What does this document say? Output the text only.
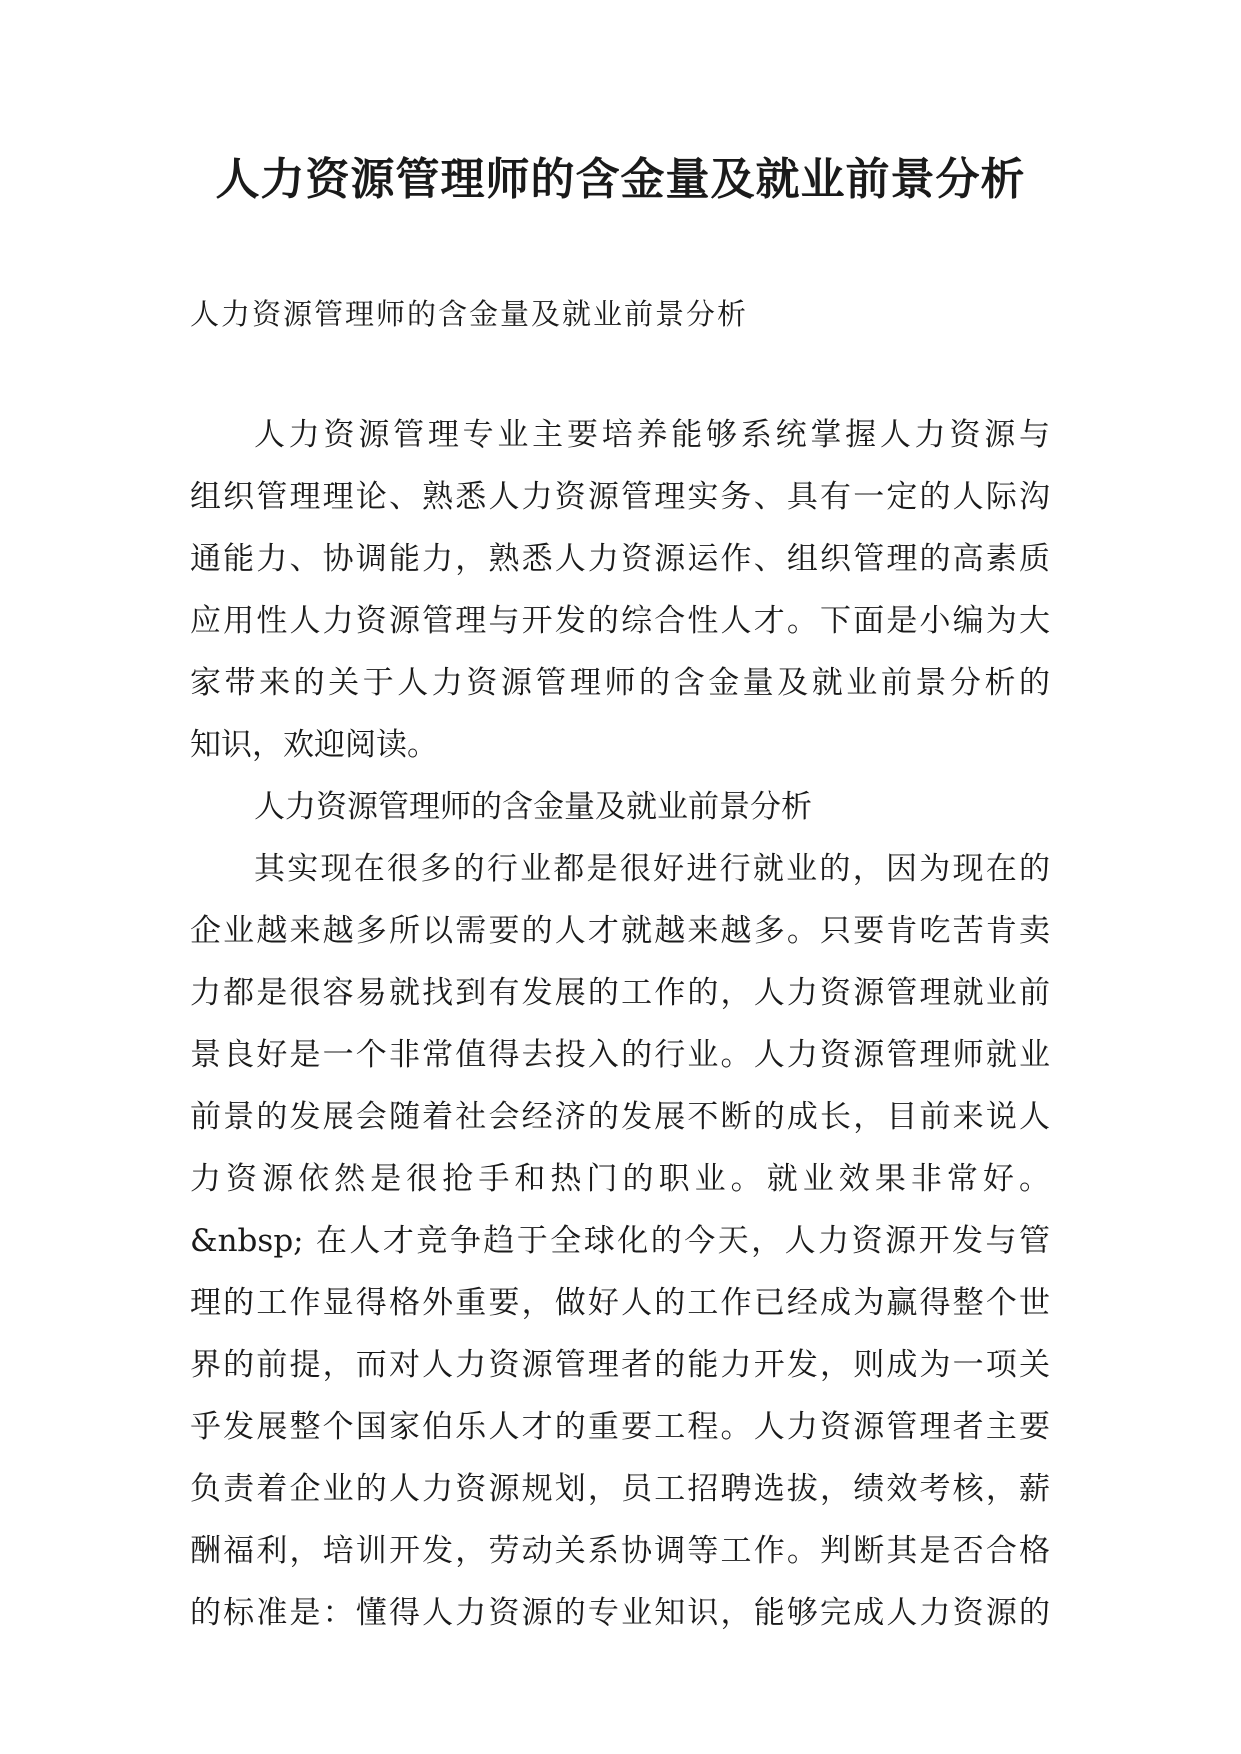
人力资源管理师的含金量及就业前景分析

人力资源管理师的含金量及就业前景分析

人力资源管理专业主要培养能够系统掌握人力资源与
组织管理理论、熟悉人力资源管理实务、具有一定的人际沟
通能力、协调能力，熟悉人力资源运作、组织管理的高素质
应用性人力资源管理与开发的综合性人才。下面是小编为大
家带来的关于人力资源管理师的含金量及就业前景分析的
知识，欢迎阅读。
人力资源管理师的含金量及就业前景分析
其实现在很多的行业都是很好进行就业的，因为现在的
企业越来越多所以需要的人才就越来越多。只要肯吃苦肯卖
力都是很容易就找到有发展的工作的，人力资源管理就业前
景良好是一个非常值得去投入的行业。人力资源管理师就业
前景的发展会随着社会经济的发展不断的成长，目前来说人
力资源依然是很抢手和热门的职业。就业效果非常好。
&nbsp; 在人才竞争趋于全球化的今天，人力资源开发与管
理的工作显得格外重要，做好人的工作已经成为赢得整个世
界的前提，而对人力资源管理者的能力开发，则成为一项关
乎发展整个国家伯乐人才的重要工程。人力资源管理者主要
负责着企业的人力资源规划，员工招聘选拔，绩效考核，薪
酬福利，培训开发，劳动关系协调等工作。判断其是否合格
的标准是：懂得人力资源的专业知识，能够完成人力资源的
